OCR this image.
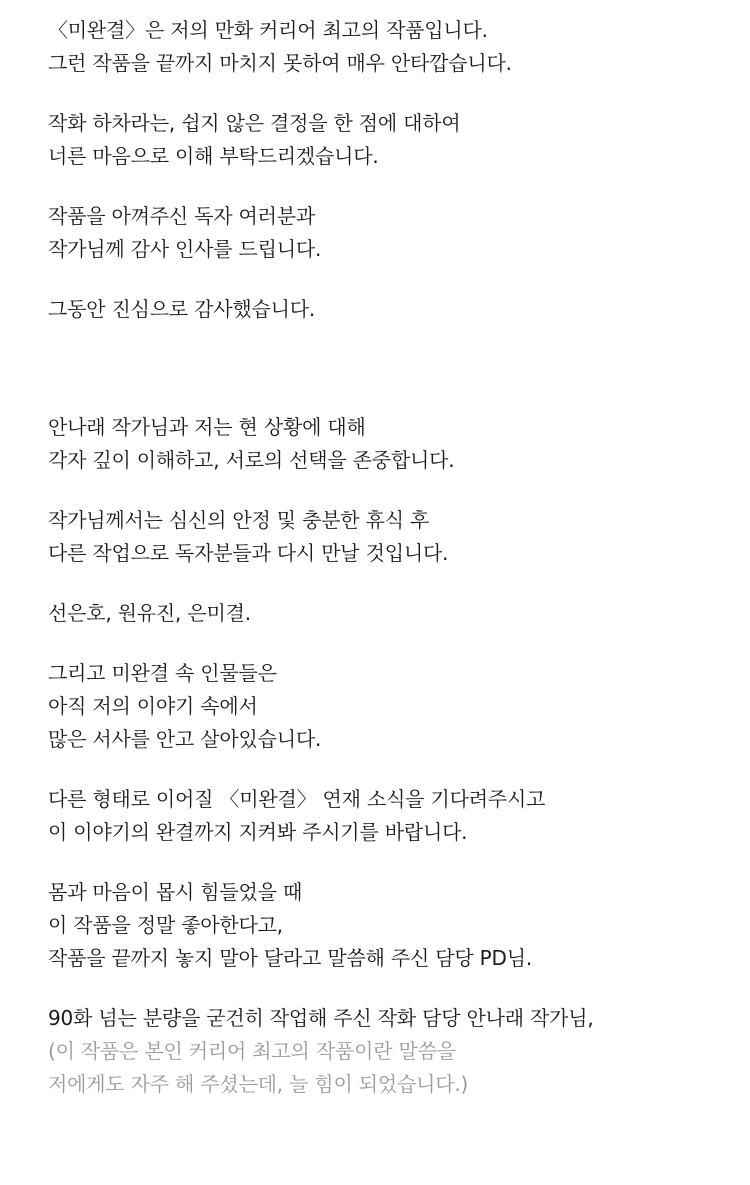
〈미완결〉은 저의 만화 커리어 최고의 작품입니다.
그런 작품을 끝까지 마치지 못하여 매우 안타깝습니다.
작화 하차라는, 쉽지 않은 결정을 한 점에 대하여
너른 마음으로 이해 부탁드리겠습니다.
작품을 아껴주신 독자 여러분과
작가님께 감사 인사를 드립니다.
그동안 진심으로 감사했습니다.
안나래 작가님과 저는 현 상황에 대해
각자 깊이 이해하고, 서로의 선택을 존중합니다.
작가님께서는 심신의 안정 및 충분한 휴식 후
다른 작업으로 독자분들과 다시 만날 것입니다.
선은호, 원유진, 은미결.
그리고 미완결 속 인물들은
아직 저의 이야기 속에서
많은 서사를 안고 살아있습니다.
다른 형태로 이어질 〈미완결〉 연재 소식을 기다려주시고
이 이야기의 완결까지 지켜봐 주시기를 바랍니다.
몸과 마음이 몹시 힘들었을 때
이 작품을 정말 좋아한다고,
작품을 끝까지 놓지 말아 달라고 말씀해 주신 담당 PD님.
90화 넘는 분량을 굳건히 작업해 주신 작화 담당 안나래 작가님,
(이 작품은 본인 커리어 최고의 작품이란 말씀을
저에게도 자주 해 주셨는데, 늘 힘이 되었습니다.)
